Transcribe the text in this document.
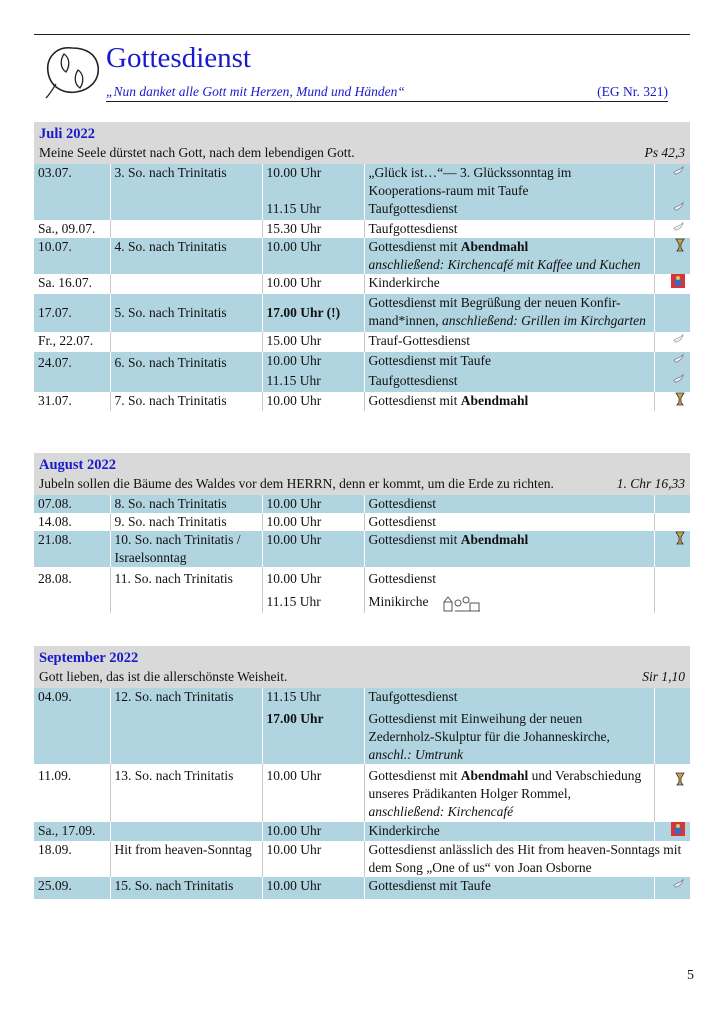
Gottesdienst
„Nun danket alle Gott mit Herzen, Mund und Händen“	(EG Nr. 321)
Juli 2022
Meine Seele dürstet nach Gott, nach dem lebendigen Gott.	Ps 42,3
03.07.	3. So. nach Trinitatis	10.00 Uhr	„Glück ist…“— 3. Glückssonntag im Kooperations-raum mit Taufe	
		11.15 Uhr	Taufgottesdienst	
Sa., 09.07.		15.30 Uhr	Taufgottesdienst	
10.07.	4. So. nach Trinitatis	10.00 Uhr	Gottesdienst mit Abendmahl
anschließend: Kirchencafé mit Kaffee und Kuchen	
Sa. 16.07.		10.00 Uhr	Kinderkirche	
17.07.	5. So. nach Trinitatis	17.00 Uhr (!)	Gottesdienst mit Begrüßung der neuen Konfir-mand*innen, anschließend: Grillen im Kirchgarten	
Fr., 22.07.		15.00 Uhr	Trauf-Gottesdienst	
24.07.	6. So. nach Trinitatis	10.00 Uhr	Gottesdienst mit Taufe	
		11.15 Uhr	Taufgottesdienst	
31.07.	7. So. nach Trinitatis	10.00 Uhr	Gottesdienst mit Abendmahl	
August 2022
Jubeln sollen die Bäume des Waldes vor dem HERRN, denn er kommt, um die Erde zu richten.	1. Chr 16,33
07.08.	8. So. nach Trinitatis	10.00 Uhr	Gottesdienst	
14.08.	9. So. nach Trinitatis	10.00 Uhr	Gottesdienst	
21.08.	10. So. nach Trinitatis / Israelsonntag	10.00 Uhr	Gottesdienst mit Abendmahl	
28.08.	11. So. nach Trinitatis	10.00 Uhr	Gottesdienst	
		11.15 Uhr	Minikirche	
September 2022
Gott lieben, das ist die allerschönste Weisheit.	Sir 1,10
04.09.	12. So. nach Trinitatis	11.15 Uhr	Taufgottesdienst	
		17.00 Uhr	Gottesdienst mit Einweihung der neuen Zedernholz-Skulptur für die Johanneskirche, anschl.: Umtrunk	
11.09.	13. So. nach Trinitatis	10.00 Uhr	Gottesdienst mit Abendmahl und Verabschiedung unseres Prädikanten Holger Rommel,
anschließend: Kirchencafé	
Sa., 17.09.		10.00 Uhr	Kinderkirche	
18.09.	Hit from heaven-Sonntag	10.00 Uhr	Gottesdienst anlässlich des Hit from heaven-Sonntags mit dem Song „One of us“ von Joan Osborne	
25.09.	15. So. nach Trinitatis	10.00 Uhr	Gottesdienst mit Taufe	
5
